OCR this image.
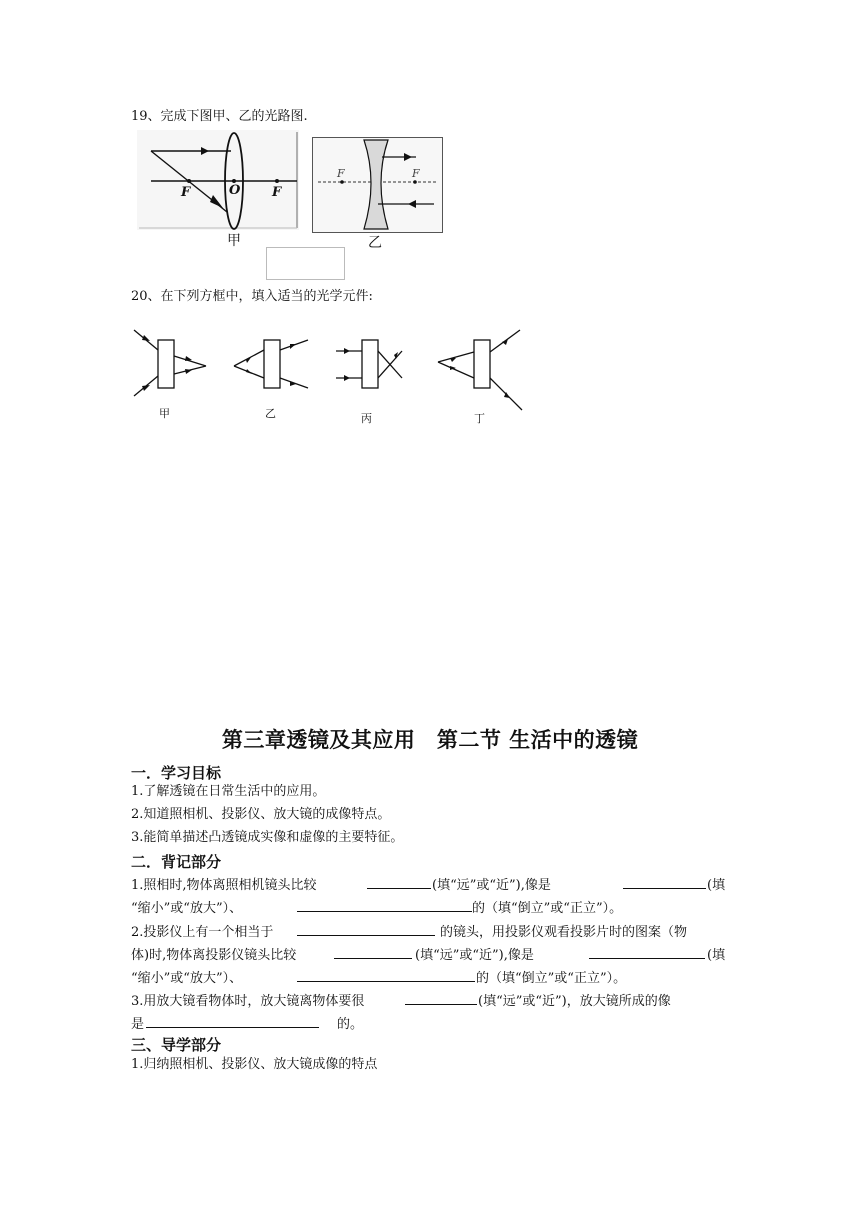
19、完成下图甲、乙的光路图.
F	O F
甲
F	F
乙
20、在下列方框中，填入适当的光学元件:
甲	乙	丙	丁
第三章透镜及其应用　第二节 生活中的透镜
一．学习目标
1.了解透镜在日常生活中的应用。
2.知道照相机、投影仪、放大镜的成像特点。
3.能简单描述凸透镜成实像和虚像的主要特征。
二．背记部分
1.照相时,物体离照相机镜头比较	(填“远”或“近”),像是	(填
“缩小”或“放大”）、	的（填“倒立”或“正立”）。
2.投影仪上有一个相当于	的镜头，用投影仪观看投影片时的图案（物
体)时,物体离投影仪镜头比较	(填“远”或“近”),像是	(填
“缩小”或“放大”）、	的（填“倒立”或“正立”）。
3.用放大镜看物体时，放大镜离物体要很	(填“远”或“近”)，放大镜所成的像
是	的。
三、导学部分
1.归纳照相机、投影仪、放大镜成像的特点
